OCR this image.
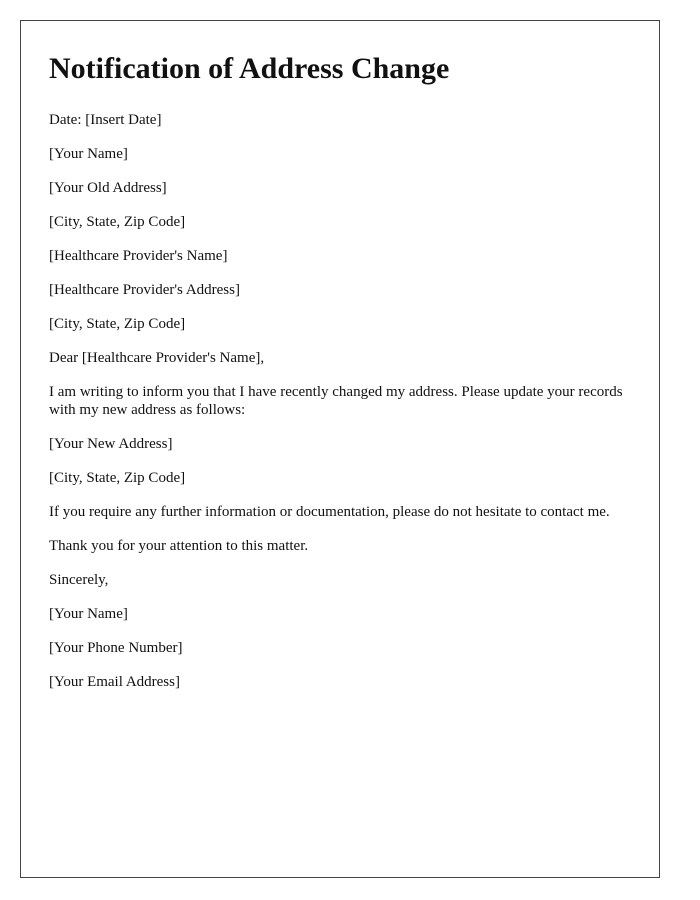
Notification of Address Change

Date: [Insert Date]

[Your Name]

[Your Old Address]

[City, State, Zip Code]

[Healthcare Provider's Name]

[Healthcare Provider's Address]

[City, State, Zip Code]

Dear [Healthcare Provider's Name],

I am writing to inform you that I have recently changed my address. Please update your records with my new address as follows:

[Your New Address]

[City, State, Zip Code]

If you require any further information or documentation, please do not hesitate to contact me.

Thank you for your attention to this matter.

Sincerely,

[Your Name]

[Your Phone Number]

[Your Email Address]
